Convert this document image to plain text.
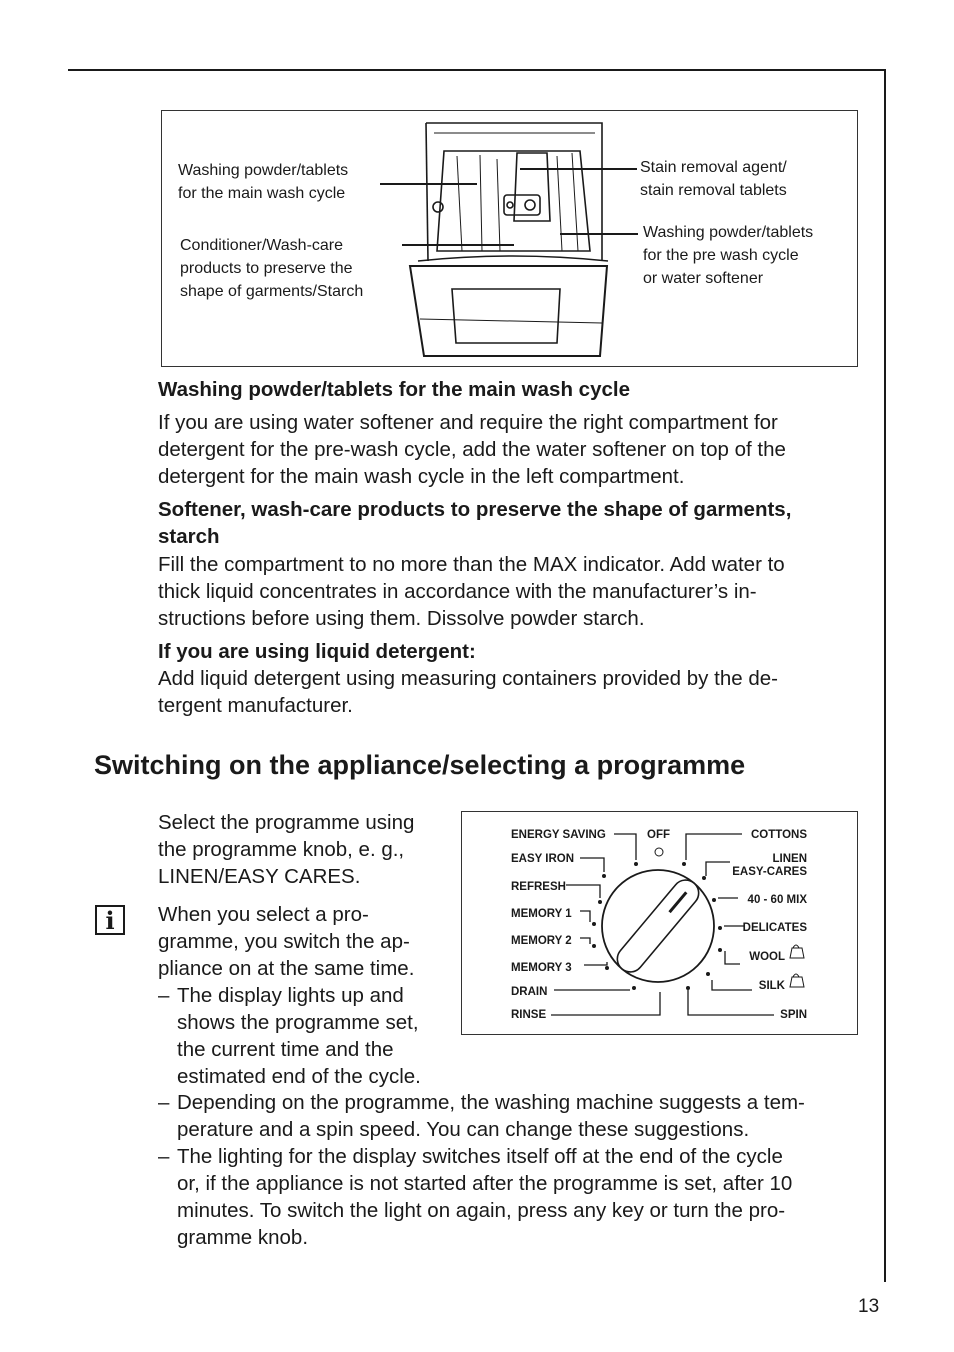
Washing powder/tablets
for the main wash cycle
Conditioner/Wash-care
products to preserve the
shape of garments/Starch
Stain removal agent/
stain removal tablets
Washing powder/tablets
for the pre wash cycle
or water softener
Washing powder/tablets for the main wash cycle
If you are using water softener and require the right compartment for
detergent for the pre-wash cycle, add the water softener on top of the
detergent for the main wash cycle in the left compartment.
Softener, wash-care products to preserve the shape of garments,
starch
Fill the compartment to no more than the MAX indicator. Add water to
thick liquid concentrates in accordance with the manufacturer’s in-
structions before using them. Dissolve powder starch.
If you are using liquid detergent:
Add liquid detergent using measuring containers provided by the de-
tergent manufacturer.
Switching on the appliance/selecting a programme
Select the programme using
the programme knob, e. g.,
LINEN/EASY CARES.
i	When you select a pro-
gramme, you switch the ap-
pliance on at the same time.
– The display lights up and
shows the programme set,
the current time and the
estimated end of the cycle.
– Depending on the programme, the washing machine suggests a tem-
perature and a spin speed. You can change these suggestions.
– The lighting for the display switches itself off at the end of the cycle
or, if the appliance is not started after the programme is set, after 10
minutes. To switch the light on again, press any key or turn the pro-
gramme knob.
ENERGY SAVING
EASY IRON
REFRESH
MEMORY 1
MEMORY 2
MEMORY 3
DRAIN
RINSE
OFF	COTTONS
LINEN
EASY-CARES
40 - 60 MIX
DELICATES
WOOL
SILK
SPIN
13
